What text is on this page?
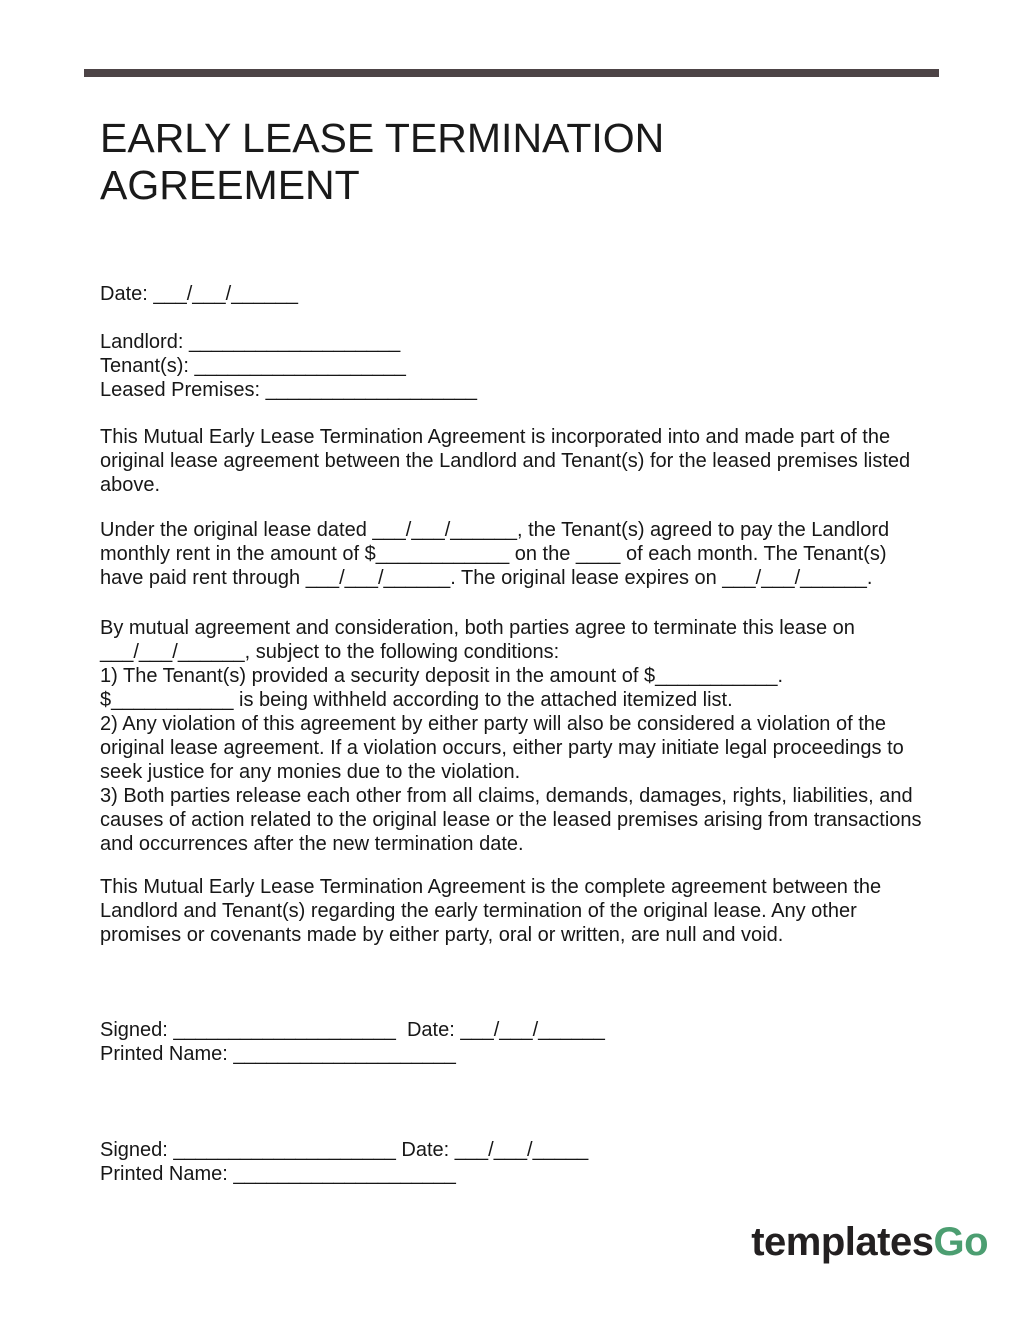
EARLY LEASE TERMINATION AGREEMENT
Date: ___/___/______
Landlord: ___________________
Tenant(s): ___________________
Leased Premises: ___________________

This Mutual Early Lease Termination Agreement is incorporated into and made part of the original lease agreement between the Landlord and Tenant(s) for the leased premises listed above.

Under the original lease dated ___/___/______, the Tenant(s) agreed to pay the Landlord monthly rent in the amount of $____________ on the ____ of each month. The Tenant(s) have paid rent through ___/___/______. The original lease expires on ___/___/______.

By mutual agreement and consideration, both parties agree to terminate this lease on ___/___/______, subject to the following conditions:
1) The Tenant(s) provided a security deposit in the amount of $___________.
$___________ is being withheld according to the attached itemized list.
2) Any violation of this agreement by either party will also be considered a violation of the original lease agreement. If a violation occurs, either party may initiate legal proceedings to seek justice for any monies due to the violation.
3) Both parties release each other from all claims, demands, damages, rights, liabilities, and causes of action related to the original lease or the leased premises arising from transactions and occurrences after the new termination date.

This Mutual Early Lease Termination Agreement is the complete agreement between the Landlord and Tenant(s) regarding the early termination of the original lease. Any other promises or covenants made by either party, oral or written, are null and void.

Signed: ____________________  Date: ___/___/______
Printed Name: ____________________
Signed: ____________________ Date: ___/___/_____
Printed Name: ____________________
templatesGo
